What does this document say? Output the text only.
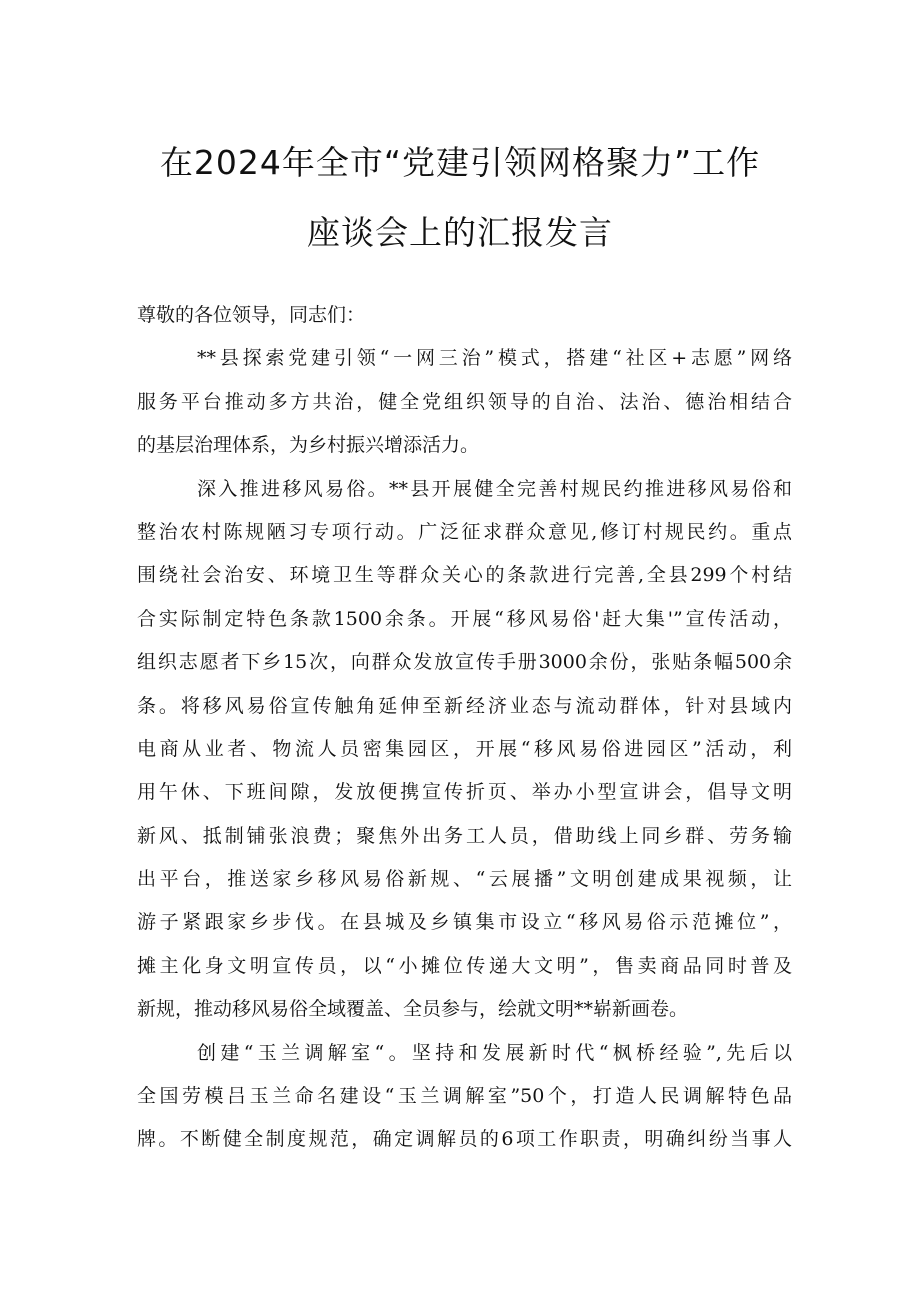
在2024年全市“党建引领网格聚力”工作
座谈会上的汇报发言
尊敬的各位领导，同志们：
**县探索党建引领“一网三治”模式，搭建“社区+志愿”网络
服务平台推动多方共治，健全党组织领导的自治、法治、德治相结合
的基层治理体系，为乡村振兴增添活力。
深入推进移风易俗。**县开展健全完善村规民约推进移风易俗和
整治农村陈规陋习专项行动。广泛征求群众意见,修订村规民约。重点
围绕社会治安、环境卫生等群众关心的条款进行完善,全县299个村结
合实际制定特色条款1500余条。开展“移风易俗'赶大集'”宣传活动，
组织志愿者下乡15次，向群众发放宣传手册3000余份，张贴条幅500余
条。将移风易俗宣传触角延伸至新经济业态与流动群体，针对县域内
电商从业者、物流人员密集园区，开展“移风易俗进园区”活动，利
用午休、下班间隙，发放便携宣传折页、举办小型宣讲会，倡导文明
新风、抵制铺张浪费；聚焦外出务工人员，借助线上同乡群、劳务输
出平台，推送家乡移风易俗新规、“云展播”文明创建成果视频，让
游子紧跟家乡步伐。在县城及乡镇集市设立“移风易俗示范摊位”，
摊主化身文明宣传员，以“小摊位传递大文明”，售卖商品同时普及
新规，推动移风易俗全域覆盖、全员参与，绘就文明**崭新画卷。
创建“玉兰调解室“。坚持和发展新时代“枫桥经验”,先后以
全国劳模吕玉兰命名建设“玉兰调解室”50个，打造人民调解特色品
牌。不断健全制度规范，确定调解员的6项工作职责，明确纠纷当事人
